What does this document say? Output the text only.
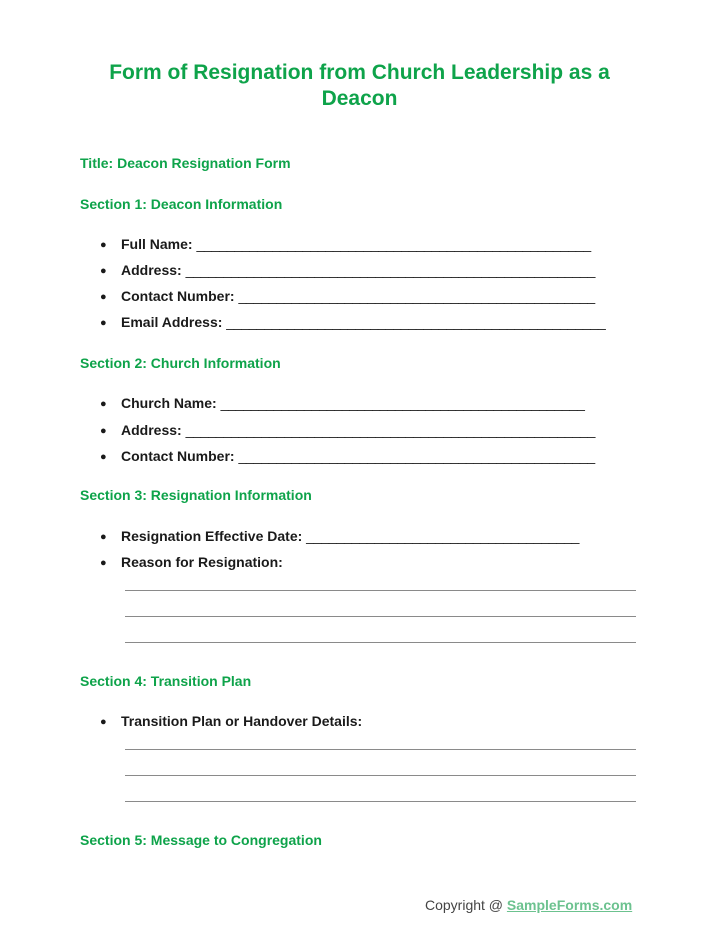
Form of Resignation from Church Leadership as a
Deacon
Title: Deacon Resignation Form
Section 1: Deacon Information
● Full Name: ____________________________________________________
● Address: ______________________________________________________
● Contact Number: _______________________________________________
● Email Address: __________________________________________________
Section 2: Church Information
● Church Name: ________________________________________________
● Address: ______________________________________________________
● Contact Number: _______________________________________________
Section 3: Resignation Information
● Resignation Effective Date: ____________________________________
● Reason for Resignation:
Section 4: Transition Plan
● Transition Plan or Handover Details:
Section 5: Message to Congregation
Copyright @ SampleForms.com
